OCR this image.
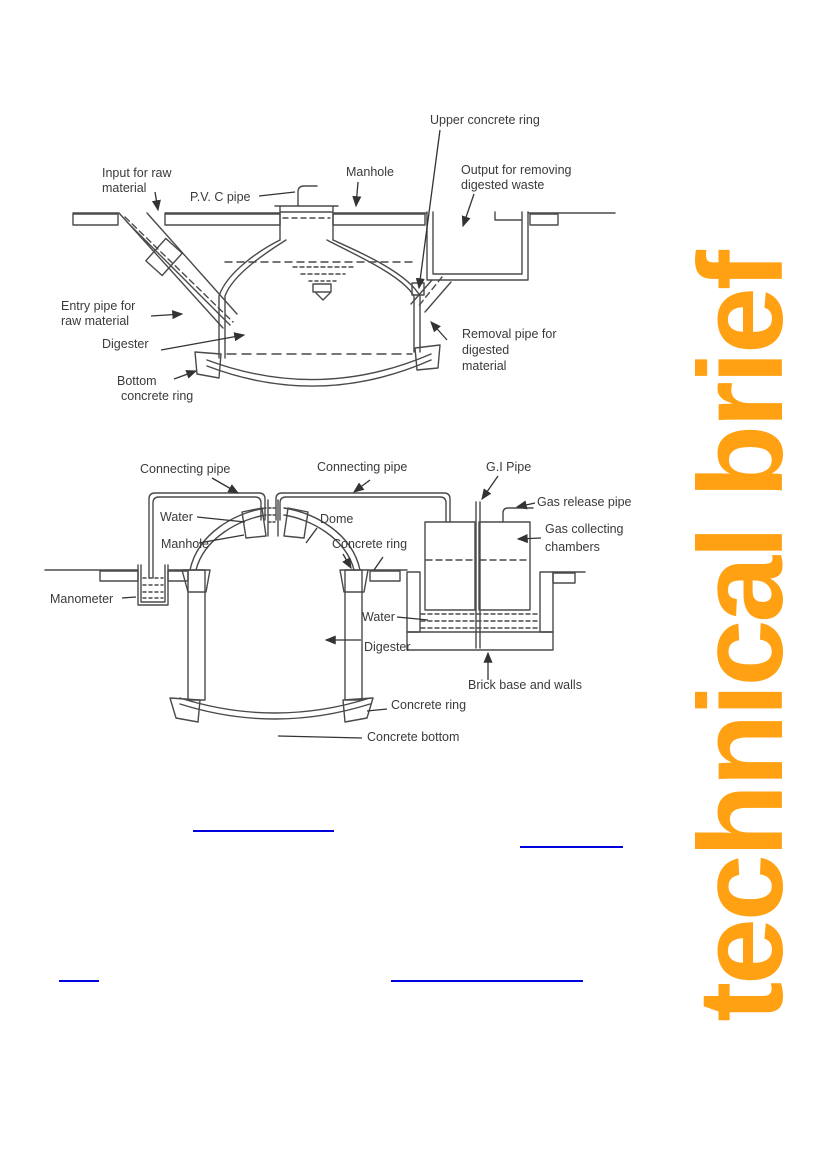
Upper concrete ring
Manhole
Input for raw
material
P.V. C pipe
Output for removing
digested waste
Entry pipe for
raw material
Digester
Bottom
concrete ring
Removal pipe for
digested
material
Connecting pipe	Connecting pipe	G.I Pipe
Gas release pipe
Water
Manhole
Dome
Concrete ring
Gas collecting
chambers
Manometer
Water
Digester
Brick base and walls
Concrete ring
Concrete bottom technical brief
